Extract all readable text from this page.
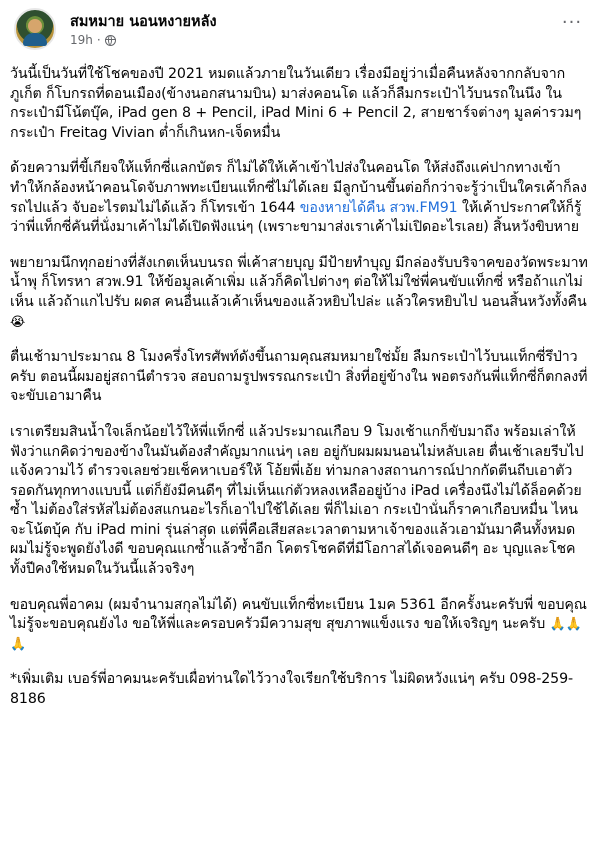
สมหมาย นอนหงายหลัง
19h ·
···

วันนี้เป็นวันที่ใช้โชคของปี 2021 หมดแล้วภายในวันเดียว เรื่องมีอยู่ว่าเมื่อคืนหลังจากกลับจากภูเก็ต ก็โบกรถที่ดอนเมือง(ข้างนอกสนามบิน) มาส่งคอนโด แล้วก็ลืมกระเป๋าไว้บนรถในนึง ในกระเป๋ามีโน้ตบุ๊ค, iPad gen 8 + Pencil, iPad Mini 6 + Pencil 2, สายชาร์จต่างๆ มูลค่ารวมๆ กระเป๋า Freitag Vivian ต่ำก็เกินหก-เจ็ดหมื่น

ด้วยความที่ขี้เกียจให้แท็กซี่แลกบัตร ก็ไม่ได้ให้เค้าเข้าไปส่งในคอนโด ให้ส่งถึงแค่ปากทางเข้า ทำให้กล้องหน้าคอนโดจับภาพทะเบียนแท็กซี่ไม่ได้เลย มีลูกบ้านขึ้นต่อก็กว่าจะรู้ว่าเป็นใครเค้าก็ลงรถไปแล้ว จับอะไรตมไม่ได้แล้ว ก็โทรเข้า 1644 ของหายได้คืน สวพ.FM91 ให้เค้าประกาศให้ก็รู้ว่าพี่แท็กซี่คันที่นั่งมาเค้าไม่ได้เปิดฟังแน่ๆ (เพราะขามาส่งเราเค้าไม่เปิดอะไรเลย) สิ้นหวังขิบหาย

พยายามนึกทุกอย่างที่สังเกตเห็นบนรถ พี่เค้าสายบุญ มีป้ายทำบุญ มีกล่องรับบริจาคของวัดพระมาทน้ำพุ ก็โทรหา สวพ.91 ให้ข้อมูลเค้าเพิ่ม แล้วก็คิดไปต่างๆ ต่อให้ไม่ใช่พี่คนขับแท็กซี่ หรือถ้าแกไม่เห็น แล้วถ้าแกไปรับ ผดส คนอื่นแล้วเค้าเห็นของแล้วหยิบไปล่ะ แล้วใครหยิบไป นอนสิ้นหวังทั้งคืน 😭

ตื่นเช้ามาประมาณ 8 โมงครึ่งโทรศัพท์ดังขึ้นถามคุณสมหมายใช่มั้ย ลืมกระเป๋าไว้บนแท็กซี่รึป่าวครับ ตอนนี้ผมอยู่สถานีตำรวจ สอบถามรูปพรรณกระเป๋า สิ่งที่อยู่ข้างใน พอตรงกันพี่แท็กซี่ก็ตกลงที่จะขับเอามาคืน

เราเตรียมสินน้ำใจเล็กน้อยไว้ให้พี่แท็กซี่ แล้วประมาณเกือบ 9 โมงเช้าแกก็ขับมาถึง พร้อมเล่าให้ฟังว่าแกคิดว่าของข้างในมันต้องสำคัญมากแน่ๆ เลย อยู่กับผมผมนอนไม่หลับเลย ตื่นเช้าเลยรีบไปแจ้งความไว้ ตำรวจเลยช่วยเช็คหาเบอร์ให้ โอ้ยพี่เอ้ย ท่ามกลางสถานการณ์ปากกัดตีนถีบเอาตัวรอดกันทุกทางแบบนี้ แต่ก็ยังมีคนดีๆ ที่ไม่เห็นแก่ตัวหลงเหลืออยู่บ้าง iPad เครื่องนึงไม่ได้ล็อคด้วยซ้ำ ไม่ต้องใส่รหัสไม่ต้องสแกนอะไรก็เอาไปใช้ได้เลย พี่ก็ไม่เอา กระเป๋านั่นก็ราคาเกือบหมื่น ไหนจะโน้ตบุ้ค กับ iPad mini รุ่นล่าสุด แต่พี่คือเสียสละเวลาตามหาเจ้าของแล้วเอามันมาคืนทั้งหมด ผมไม่รู้จะพูดยังไงดี ขอบคุณแกซ้ำแล้วซ้ำอีก โคตรโชคดีที่มีโอกาสได้เจอคนดีๆ อะ บุญและโชคทั้งปีคงใช้หมดในวันนี้แล้วจริงๆ

ขอบคุณพี่อาคม (ผมจำนามสกุลไม่ได้) คนขับแท็กซี่ทะเบียน 1มค 5361 อีกครั้งนะครับพี่ ขอบคุณไม่รู้จะขอบคุณยังไง ขอให้พี่และครอบครัวมีความสุข สุขภาพแข็งแรง ขอให้เจริญๆ นะครับ 🙏🙏🙏

*เพิ่มเติม เบอร์พี่อาคมนะครับเผื่อท่านใดไว้วางใจเรียกใช้บริการ ไม่ผิดหวังแน่ๆ ครับ 098-259-8186
